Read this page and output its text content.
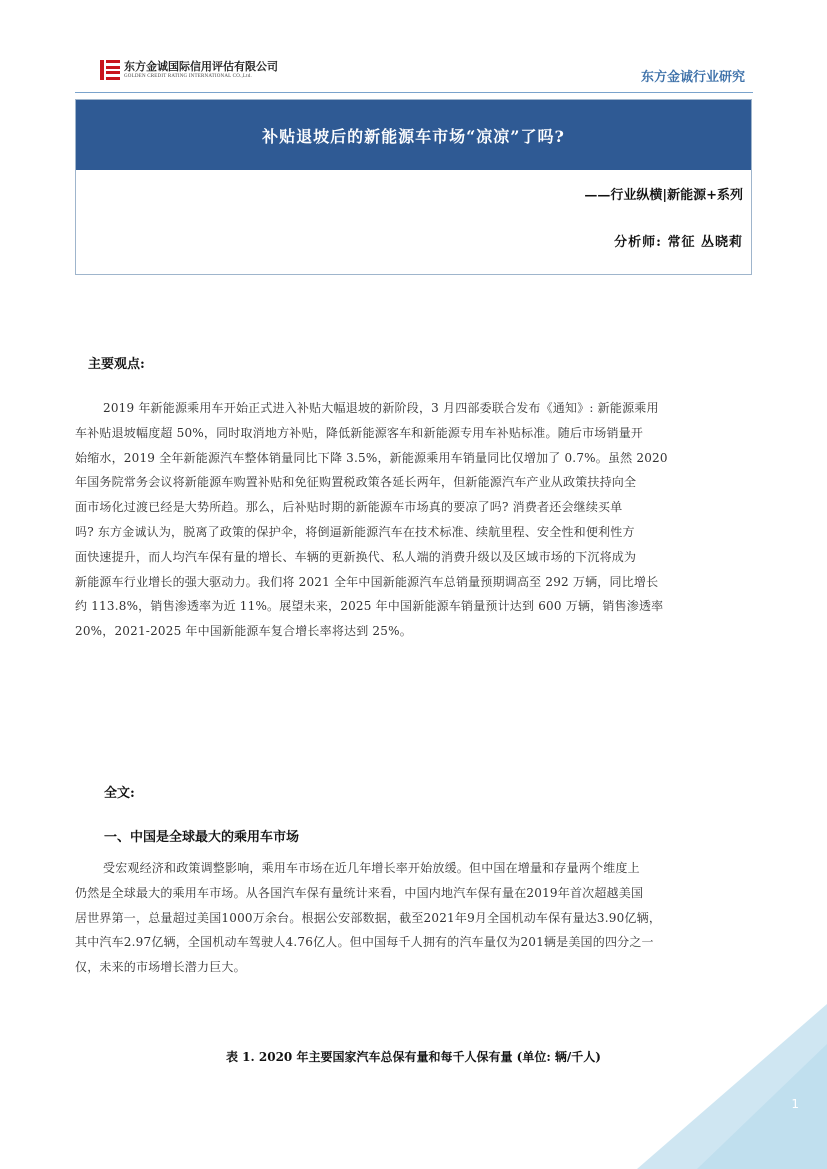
东方金诚国际信用评估有限公司
GOLDEN CREDIT RATING INTERNATIONAL CO.,Ltd.	东方金诚行业研究
补贴退坡后的新能源车市场“凉凉”了吗?
——行业纵横|新能源+系列
分析师: 常征 丛晓莉
主要观点:
2019 年新能源乘用车开始正式进入补贴大幅退坡的新阶段，3 月四部委联合发布《通知》: 新能源乘用
车补贴退坡幅度超 50%，同时取消地方补贴，降低新能源客车和新能源专用车补贴标准。随后市场销量开
始缩水，2019 全年新能源汽车整体销量同比下降 3.5%，新能源乘用车销量同比仅增加了 0.7%。虽然 2020
年国务院常务会议将新能源车购置补贴和免征购置税政策各延长两年，但新能源汽车产业从政策扶持向全
面市场化过渡已经是大势所趋。那么，后补贴时期的新能源车市场真的要凉了吗? 消费者还会继续买单
吗? 东方金诚认为，脱离了政策的保护伞，将倒逼新能源汽车在技术标准、续航里程、安全性和便利性方
面快速提升，而人均汽车保有量的增长、车辆的更新换代、私人端的消费升级以及区域市场的下沉将成为
新能源车行业增长的强大驱动力。我们将 2021 全年中国新能源汽车总销量预期调高至 292 万辆，同比增长
约 113.8%，销售渗透率为近 11%。展望未来，2025 年中国新能源车销量预计达到 600 万辆，销售渗透率
20%，2021-2025 年中国新能源车复合增长率将达到 25%。
全文:
一、中国是全球最大的乘用车市场
受宏观经济和政策调整影响，乘用车市场在近几年增长率开始放缓。但中国在增量和存量两个维度上
仍然是全球最大的乘用车市场。从各国汽车保有量统计来看，中国内地汽车保有量在2019年首次超越美国
居世界第一，总量超过美国1000万余台。根据公安部数据，截至2021年9月全国机动车保有量达3.90亿辆，
其中汽车2.97亿辆，全国机动车驾驶人4.76亿人。但中国每千人拥有的汽车量仅为201辆是美国的四分之一
仅，未来的市场增长潜力巨大。
表 1. 2020 年主要国家汽车总保有量和每千人保有量 (单位: 辆/千人)
1
